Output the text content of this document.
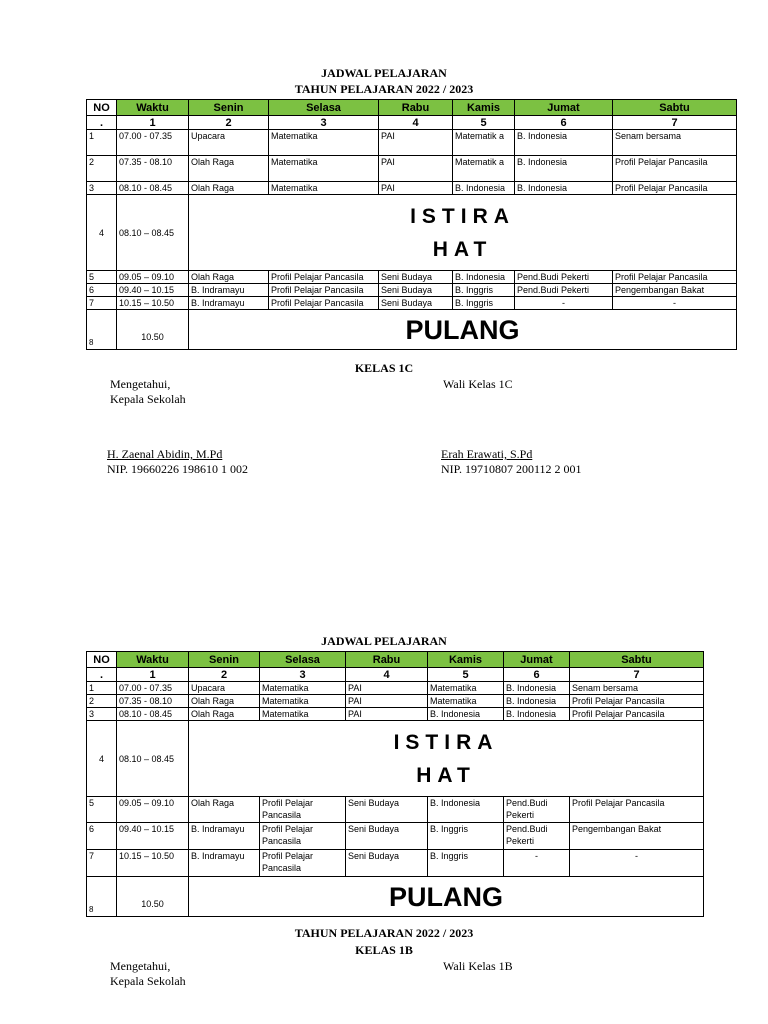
JADWAL PELAJARAN
TAHUN PELAJARAN 2022 / 2023
NO	Waktu	Senin	Selasa	Rabu	Kamis	Jumat	Sabtu
.	1	2	3	4	5	6	7
1	07.00 - 07.35	Upacara	Matematika	PAI	Matematik a	B. Indonesia	Senam bersama
2	07.35 - 08.10	Olah Raga	Matematika	PAI	Matematik a	B. Indonesia	Profil Pelajar Pancasila
3	08.10 - 08.45	Olah Raga	Matematika	PAI	B. Indonesia	B. Indonesia	Profil Pelajar Pancasila
4	08.10 – 08.45	ISTIRA
HAT					

5	09.05 – 09.10	Olah Raga	Profil Pelajar Pancasila	Seni Budaya	B. Indonesia	Pend.Budi Pekerti	Profil Pelajar Pancasila
6	09.40 – 10.15	B. Indramayu	Profil Pelajar Pancasila	Seni Budaya	B. Inggris	Pend.Budi Pekerti	Pengembangan Bakat
7	10.15 – 10.50	B. Indramayu	Profil Pelajar Pancasila	Seni Budaya	B. Inggris	-	-
8	10.50	PULANG					
KELAS 1C
Mengetahui,
Kepala Sekolah
Wali Kelas 1C
H. Zaenal Abidin, M.Pd
NIP. 19660226 198610 1 002
Erah Erawati, S.Pd
NIP. 19710807 200112 2 001
JADWAL PELAJARAN
NO	Waktu	Senin	Selasa	Rabu	Kamis	Jumat	Sabtu
.	1	2	3	4	5	6	7
1	07.00 - 07.35	Upacara	Matematika	PAI	Matematika	B. Indonesia	Senam bersama
2	07.35 - 08.10	Olah Raga	Matematika	PAI	Matematika	B. Indonesia	Profil Pelajar Pancasila
3	08.10 - 08.45	Olah Raga	Matematika	PAI	B. Indonesia	B. Indonesia	Profil Pelajar Pancasila
4	08.10 – 08.45	ISTIRA
HAT					

5	09.05 – 09.10	Olah Raga	Profil Pelajar Pancasila	Seni Budaya	B. Indonesia	Pend.Budi Pekerti	Profil Pelajar Pancasila
6	09.40 – 10.15	B. Indramayu	Profil Pelajar Pancasila	Seni Budaya	B. Inggris	Pend.Budi Pekerti	Pengembangan Bakat
7	10.15 – 10.50	B. Indramayu	Profil Pelajar Pancasila	Seni Budaya	B. Inggris	-	-
8	10.50	PULANG					
TAHUN PELAJARAN 2022 / 2023
KELAS 1B
Mengetahui,
Kepala Sekolah
Wali Kelas 1B
